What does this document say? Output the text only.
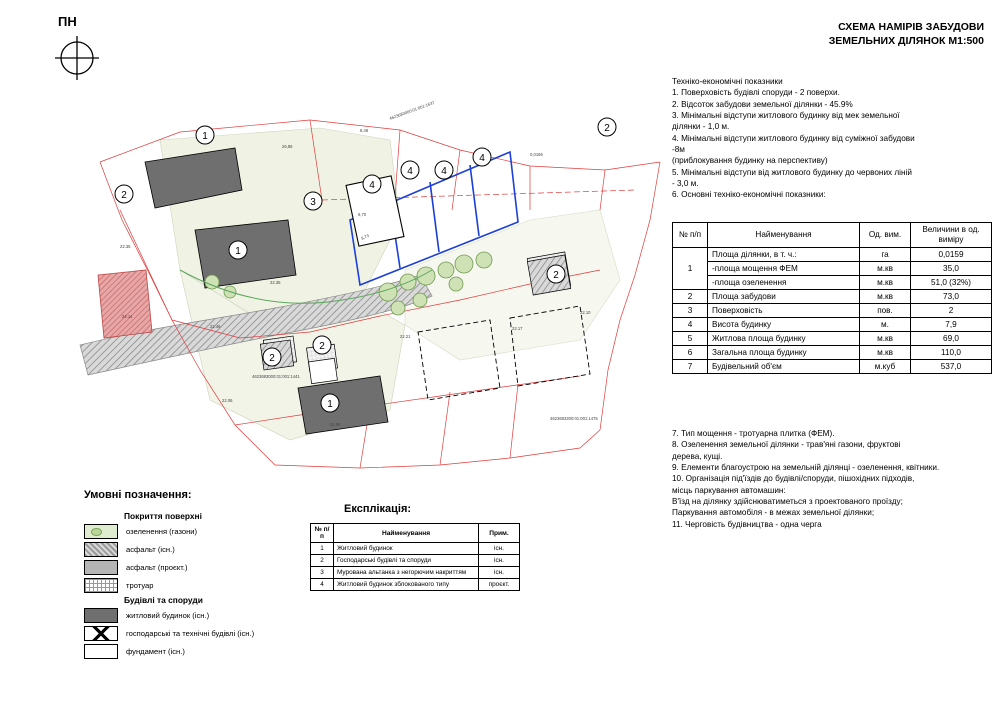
ПН	СХЕМА НАМІРІВ ЗАБУДОВИ
ЗЕМЕЛЬНИХ ДІЛЯНОК М1:500
Техніко-економічні показники
1. Поверховість будівлі споруди - 2 поверхи.
2. Відсоток забудови земельної ділянки - 45.9%
3. Мінімальні відступи житлового будинку від мек земельної
ділянки - 1,0 м.
4. Мінімальні відступи житлового будинку від суміжної забудови
-8м
(приблокування будинку на перспективу)
5. Мінімальні відступи від житлового будинку до червоних ліній
- 3,0 м.
6. Основні техніко-економічні показники:
№ п/п	Найменування	Од. вим.	Величини в од. виміру
1	Площа ділянки, в т. ч.:	га	0,0159
	-площа мощення ФЕМ	м.кв	35,0
	-площа озеленення	м.кв	51,0 (32%)
2	Площа забудови	м.кв	73,0
3	Поверховість	пов.	2
4	Висота будинку	м.	7,9
5	Житлова площа будинку	м.кв	69,0
6	Загальна площа будинку	м.кв	110,0
7	Будівельний об'єм	м.куб	537,0
7. Тип мощення - тротуарна плитка (ФЕМ).
8. Озеленення земельної ділянки - трав'яні газони, фруктові
дерева, кущі.
9. Елементи благоустрою на земельній ділянці - озеленення, квітники.
10. Організація під'їздів до будівлі/споруди, пішохідних підходів,
місць паркування автомашин:
В'їзд на ділянку здійснюватиметься з проектованого проїзду;
Паркування автомобіля - в межах земельної ділянки;
11. Черговість будівництва - одна черга
Умовні позначення:
Покриття поверхні
озеленення (газони)
асфальт (існ.)
асфальт (проєкт.)
тротуар
Будівлі та споруди
житловий будинок (існ.)
господарські та технічні будівлі (існ.)
фундамент (існ.)
Експлікація:
№ п/п	Найменування	Прим.
1	Житловий будинок	існ.
2	Господарські будівлі та споруди	існ.
3	Мурована альтанка з негорючим накриттям	існ.
4	Житловий будинок зблокованого типу	проєкт.
4623683000:01:001:1637
4623683300:01:001:1475
4623683000:01:001:1441
8,46
26,86
0,0166
6,70
8,73
22.35
22.14
22.46
22.35
22.21
22.17
22.10
22.06
22.08
1
1
1
2
2
2
2
2
3
4
4	4
4
